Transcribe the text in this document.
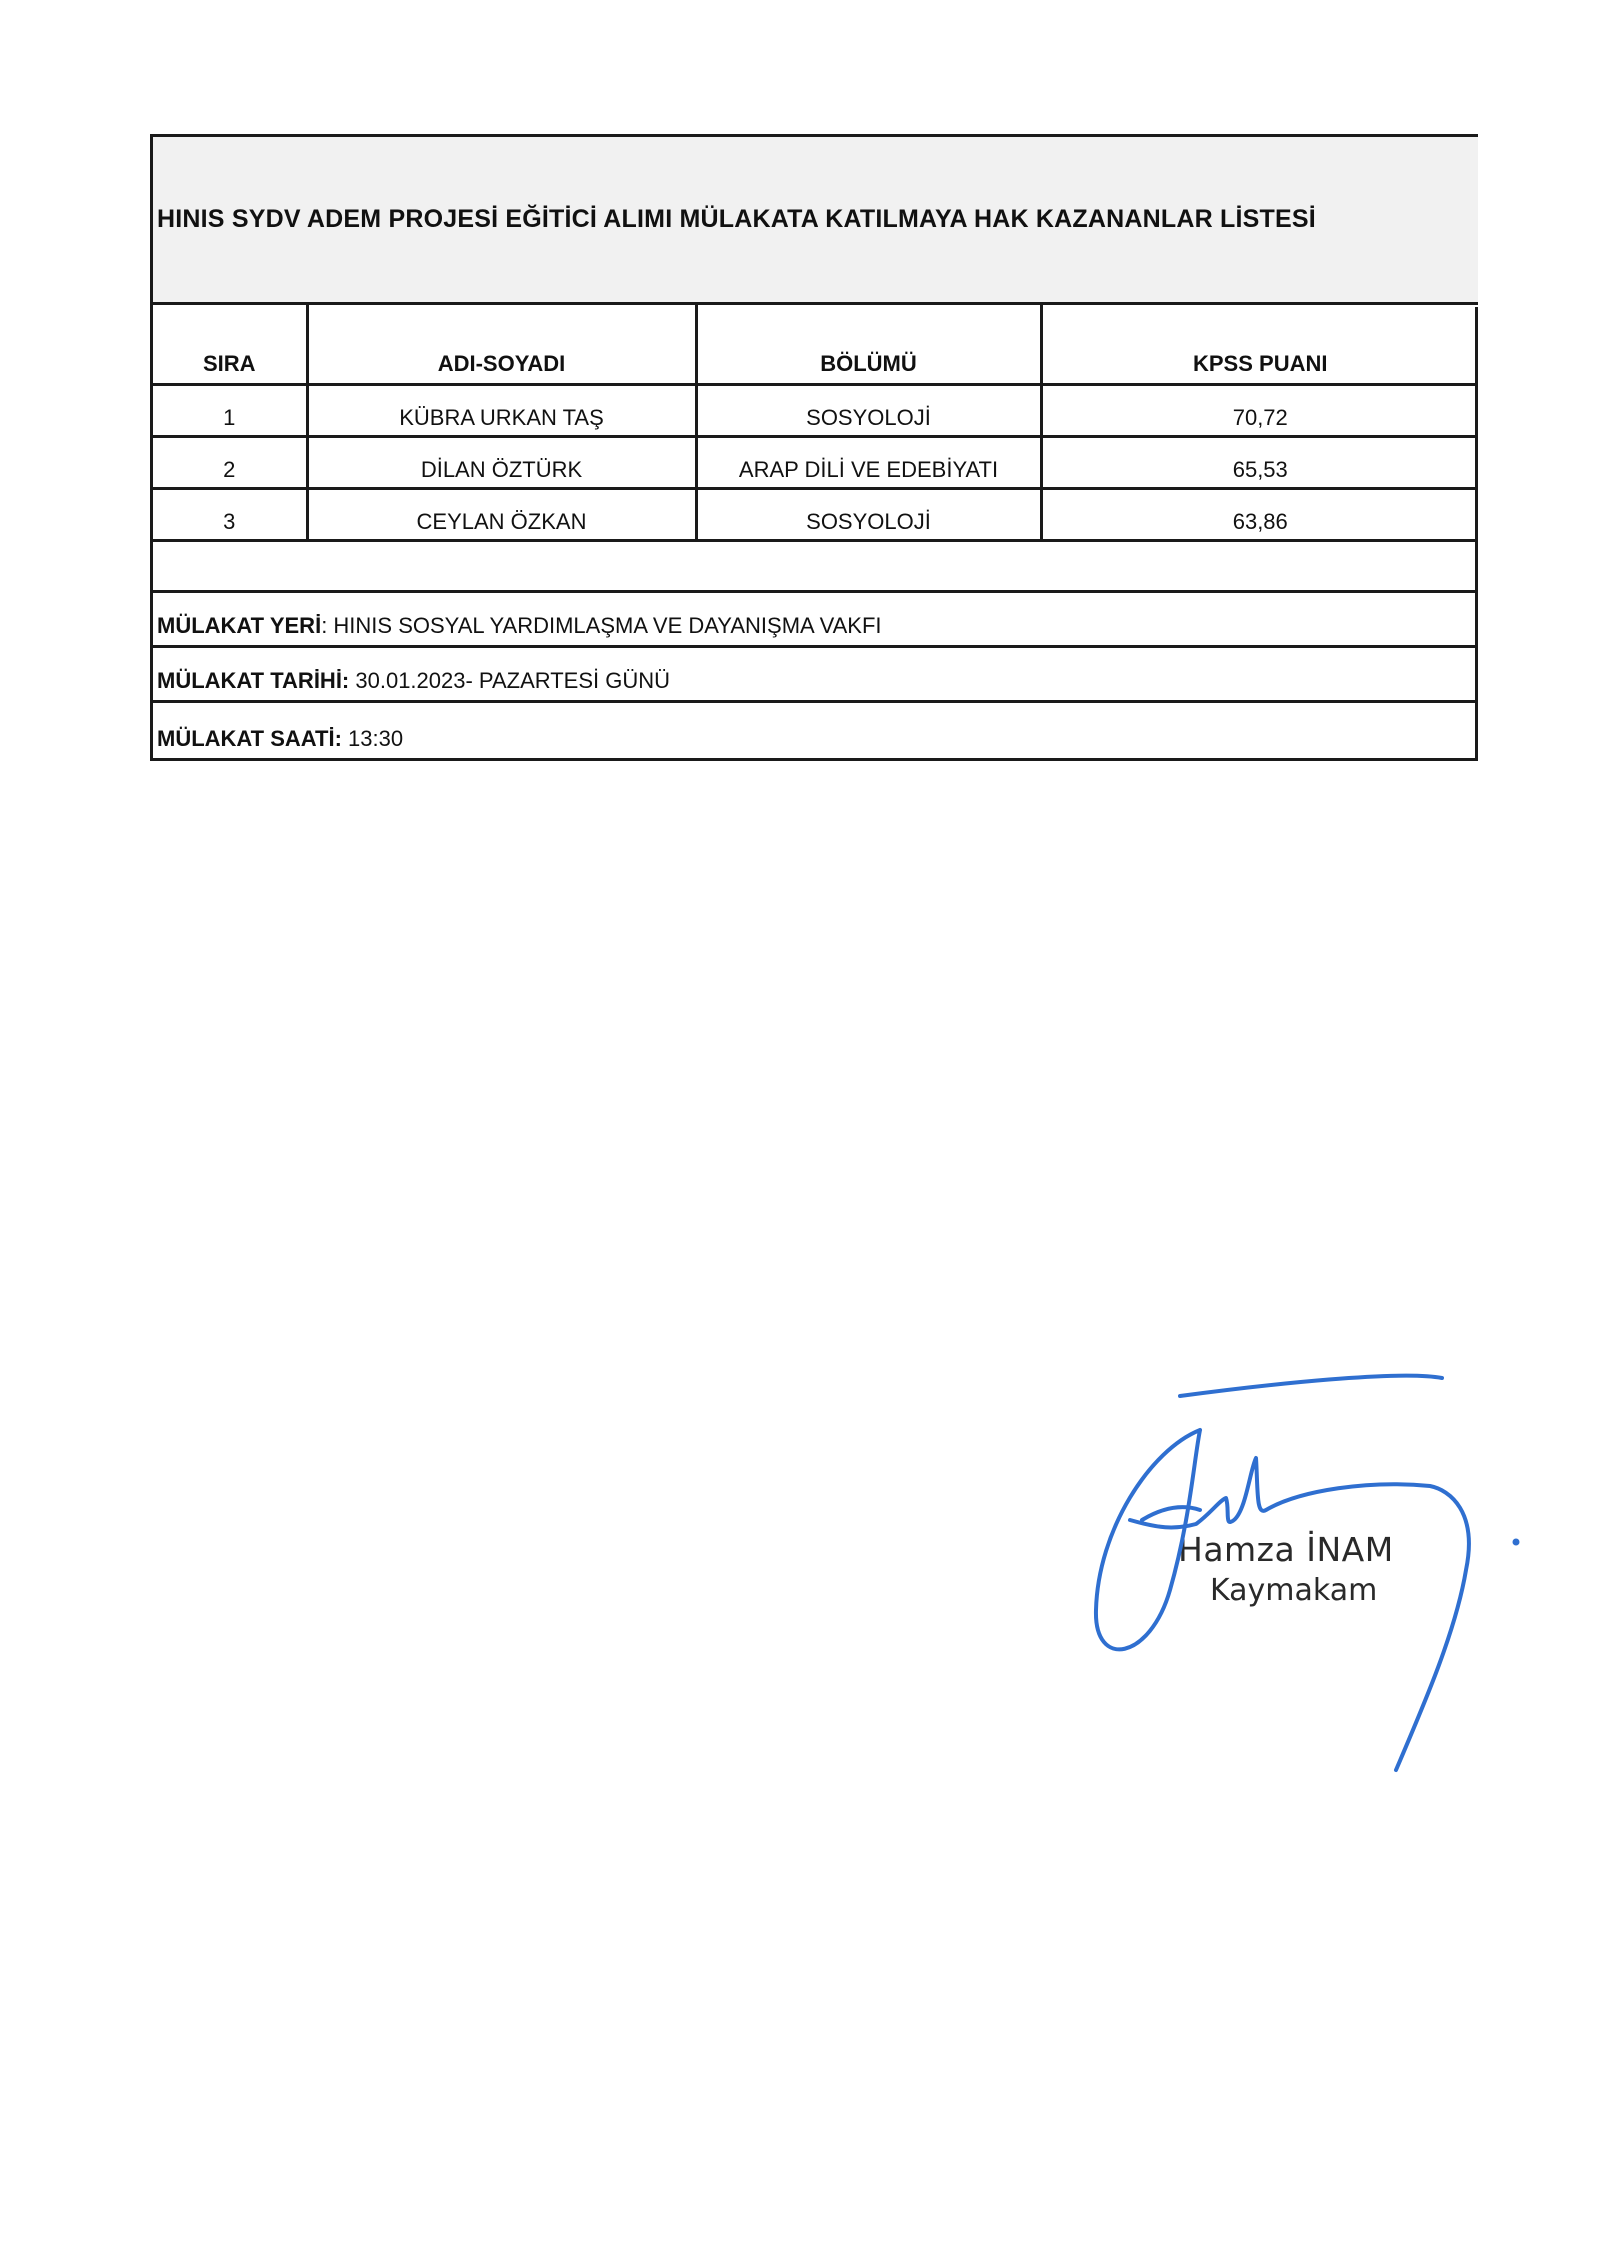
HINIS SYDV ADEM PROJESİ EĞİTİCİ ALIMI MÜLAKATA KATILMAYA HAK KAZANANLAR LİSTESİ
SIRA	ADI-SOYADI	BÖLÜMÜ	KPSS PUANI
1	KÜBRA URKAN TAŞ	SOSYOLOJİ	70,72
2	DİLAN ÖZTÜRK	ARAP DİLİ VE EDEBİYATI	65,53
3	CEYLAN ÖZKAN	SOSYOLOJİ	63,86
MÜLAKAT YERİ : HINIS SOSYAL YARDIMLAŞMA VE DAYANIŞMA VAKFI
MÜLAKAT TARİHİ: 30.01.2023- PAZARTESİ GÜNÜ
MÜLAKAT SAATİ: 13:30
Hamza İNAM
Kaymakam
